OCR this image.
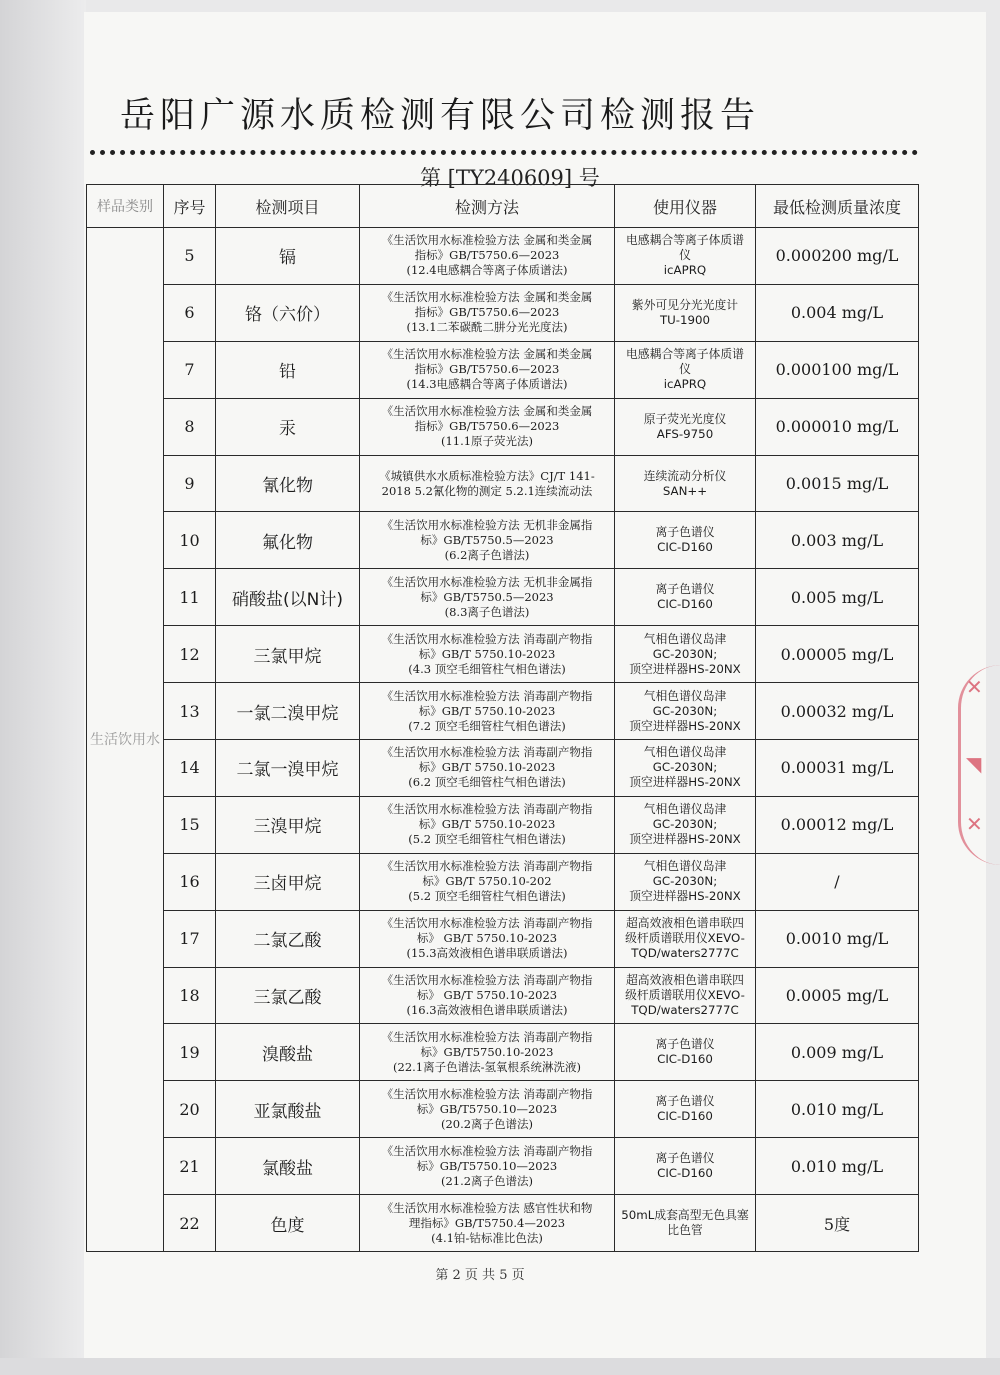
岳阳广源水质检测有限公司检测报告
第 [TY240609] 号
样品类别	序号	检测项目	检测方法	使用仪器	最低检测质量浓度
生活饮用水	5	镉	《生活饮用水标准检验方法 金属和类金属
指标》GB/T5750.6—2023
(12.4电感耦合等离子体质谱法)	电感耦合等离子体质谱
仪
icAPRQ	0.000200 mg/L
	6	铬（六价）	《生活饮用水标准检验方法 金属和类金属
指标》GB/T5750.6—2023
(13.1二苯碳酰二肼分光光度法)	紫外可见分光光度计
TU-1900	0.004 mg/L
	7	铅	《生活饮用水标准检验方法 金属和类金属
指标》GB/T5750.6—2023
(14.3电感耦合等离子体质谱法)	电感耦合等离子体质谱
仪
icAPRQ	0.000100 mg/L
	8	汞	《生活饮用水标准检验方法 金属和类金属
指标》GB/T5750.6—2023
(11.1原子荧光法)	原子荧光光度仪
AFS-9750	0.000010 mg/L
	9	氰化物	《城镇供水水质标准检验方法》CJ/T 141-
2018 5.2氰化物的测定 5.2.1连续流动法	连续流动分析仪
SAN++	0.0015 mg/L
	10	氟化物	《生活饮用水标准检验方法 无机非金属指
标》GB/T5750.5—2023
(6.2离子色谱法)	离子色谱仪
CIC-D160	0.003 mg/L
	11	硝酸盐(以N计)	《生活饮用水标准检验方法 无机非金属指
标》GB/T5750.5—2023
(8.3离子色谱法)	离子色谱仪
CIC-D160	0.005 mg/L
	12	三氯甲烷	《生活饮用水标准检验方法 消毒副产物指
标》GB/T 5750.10-2023
(4.3 顶空毛细管柱气相色谱法)	气相色谱仪岛津
GC-2030N;
顶空进样器HS-20NX	0.00005 mg/L
	13	一氯二溴甲烷	《生活饮用水标准检验方法 消毒副产物指
标》GB/T 5750.10-2023
(7.2 顶空毛细管柱气相色谱法)	气相色谱仪岛津
GC-2030N;
顶空进样器HS-20NX	0.00032 mg/L
	14	二氯一溴甲烷	《生活饮用水标准检验方法 消毒副产物指
标》GB/T 5750.10-2023
(6.2 顶空毛细管柱气相色谱法)	气相色谱仪岛津
GC-2030N;
顶空进样器HS-20NX	0.00031 mg/L
	15	三溴甲烷	《生活饮用水标准检验方法 消毒副产物指
标》GB/T 5750.10-2023
(5.2 顶空毛细管柱气相色谱法)	气相色谱仪岛津
GC-2030N;
顶空进样器HS-20NX	0.00012 mg/L
	16	三卤甲烷	《生活饮用水标准检验方法 消毒副产物指
标》GB/T 5750.10-202
(5.2 顶空毛细管柱气相色谱法)	气相色谱仪岛津
GC-2030N;
顶空进样器HS-20NX	/
	17	二氯乙酸	《生活饮用水标准检验方法 消毒副产物指
标》 GB/T 5750.10-2023
(15.3高效液相色谱串联质谱法)	超高效液相色谱串联四
级杆质谱联用仪XEVO-
TQD/waters2777C	0.0010 mg/L
	18	三氯乙酸	《生活饮用水标准检验方法 消毒副产物指
标》 GB/T 5750.10-2023
(16.3高效液相色谱串联质谱法)	超高效液相色谱串联四
级杆质谱联用仪XEVO-
TQD/waters2777C	0.0005 mg/L
	19	溴酸盐	《生活饮用水标准检验方法 消毒副产物指
标》GB/T5750.10-2023
(22.1离子色谱法-氢氧根系统淋洗液)	离子色谱仪
CIC-D160	0.009 mg/L
	20	亚氯酸盐	《生活饮用水标准检验方法 消毒副产物指
标》GB/T5750.10—2023
(20.2离子色谱法)	离子色谱仪
CIC-D160	0.010 mg/L
	21	氯酸盐	《生活饮用水标准检验方法 消毒副产物指
标》GB/T5750.10—2023
(21.2离子色谱法)	离子色谱仪
CIC-D160	0.010 mg/L
	22	色度	《生活饮用水标准检验方法 感官性状和物
理指标》GB/T5750.4—2023
(4.1铂-钴标准比色法)	50mL成套高型无色具塞
比色管	5度
第 2 页 共 5 页
✕
◥
✕
